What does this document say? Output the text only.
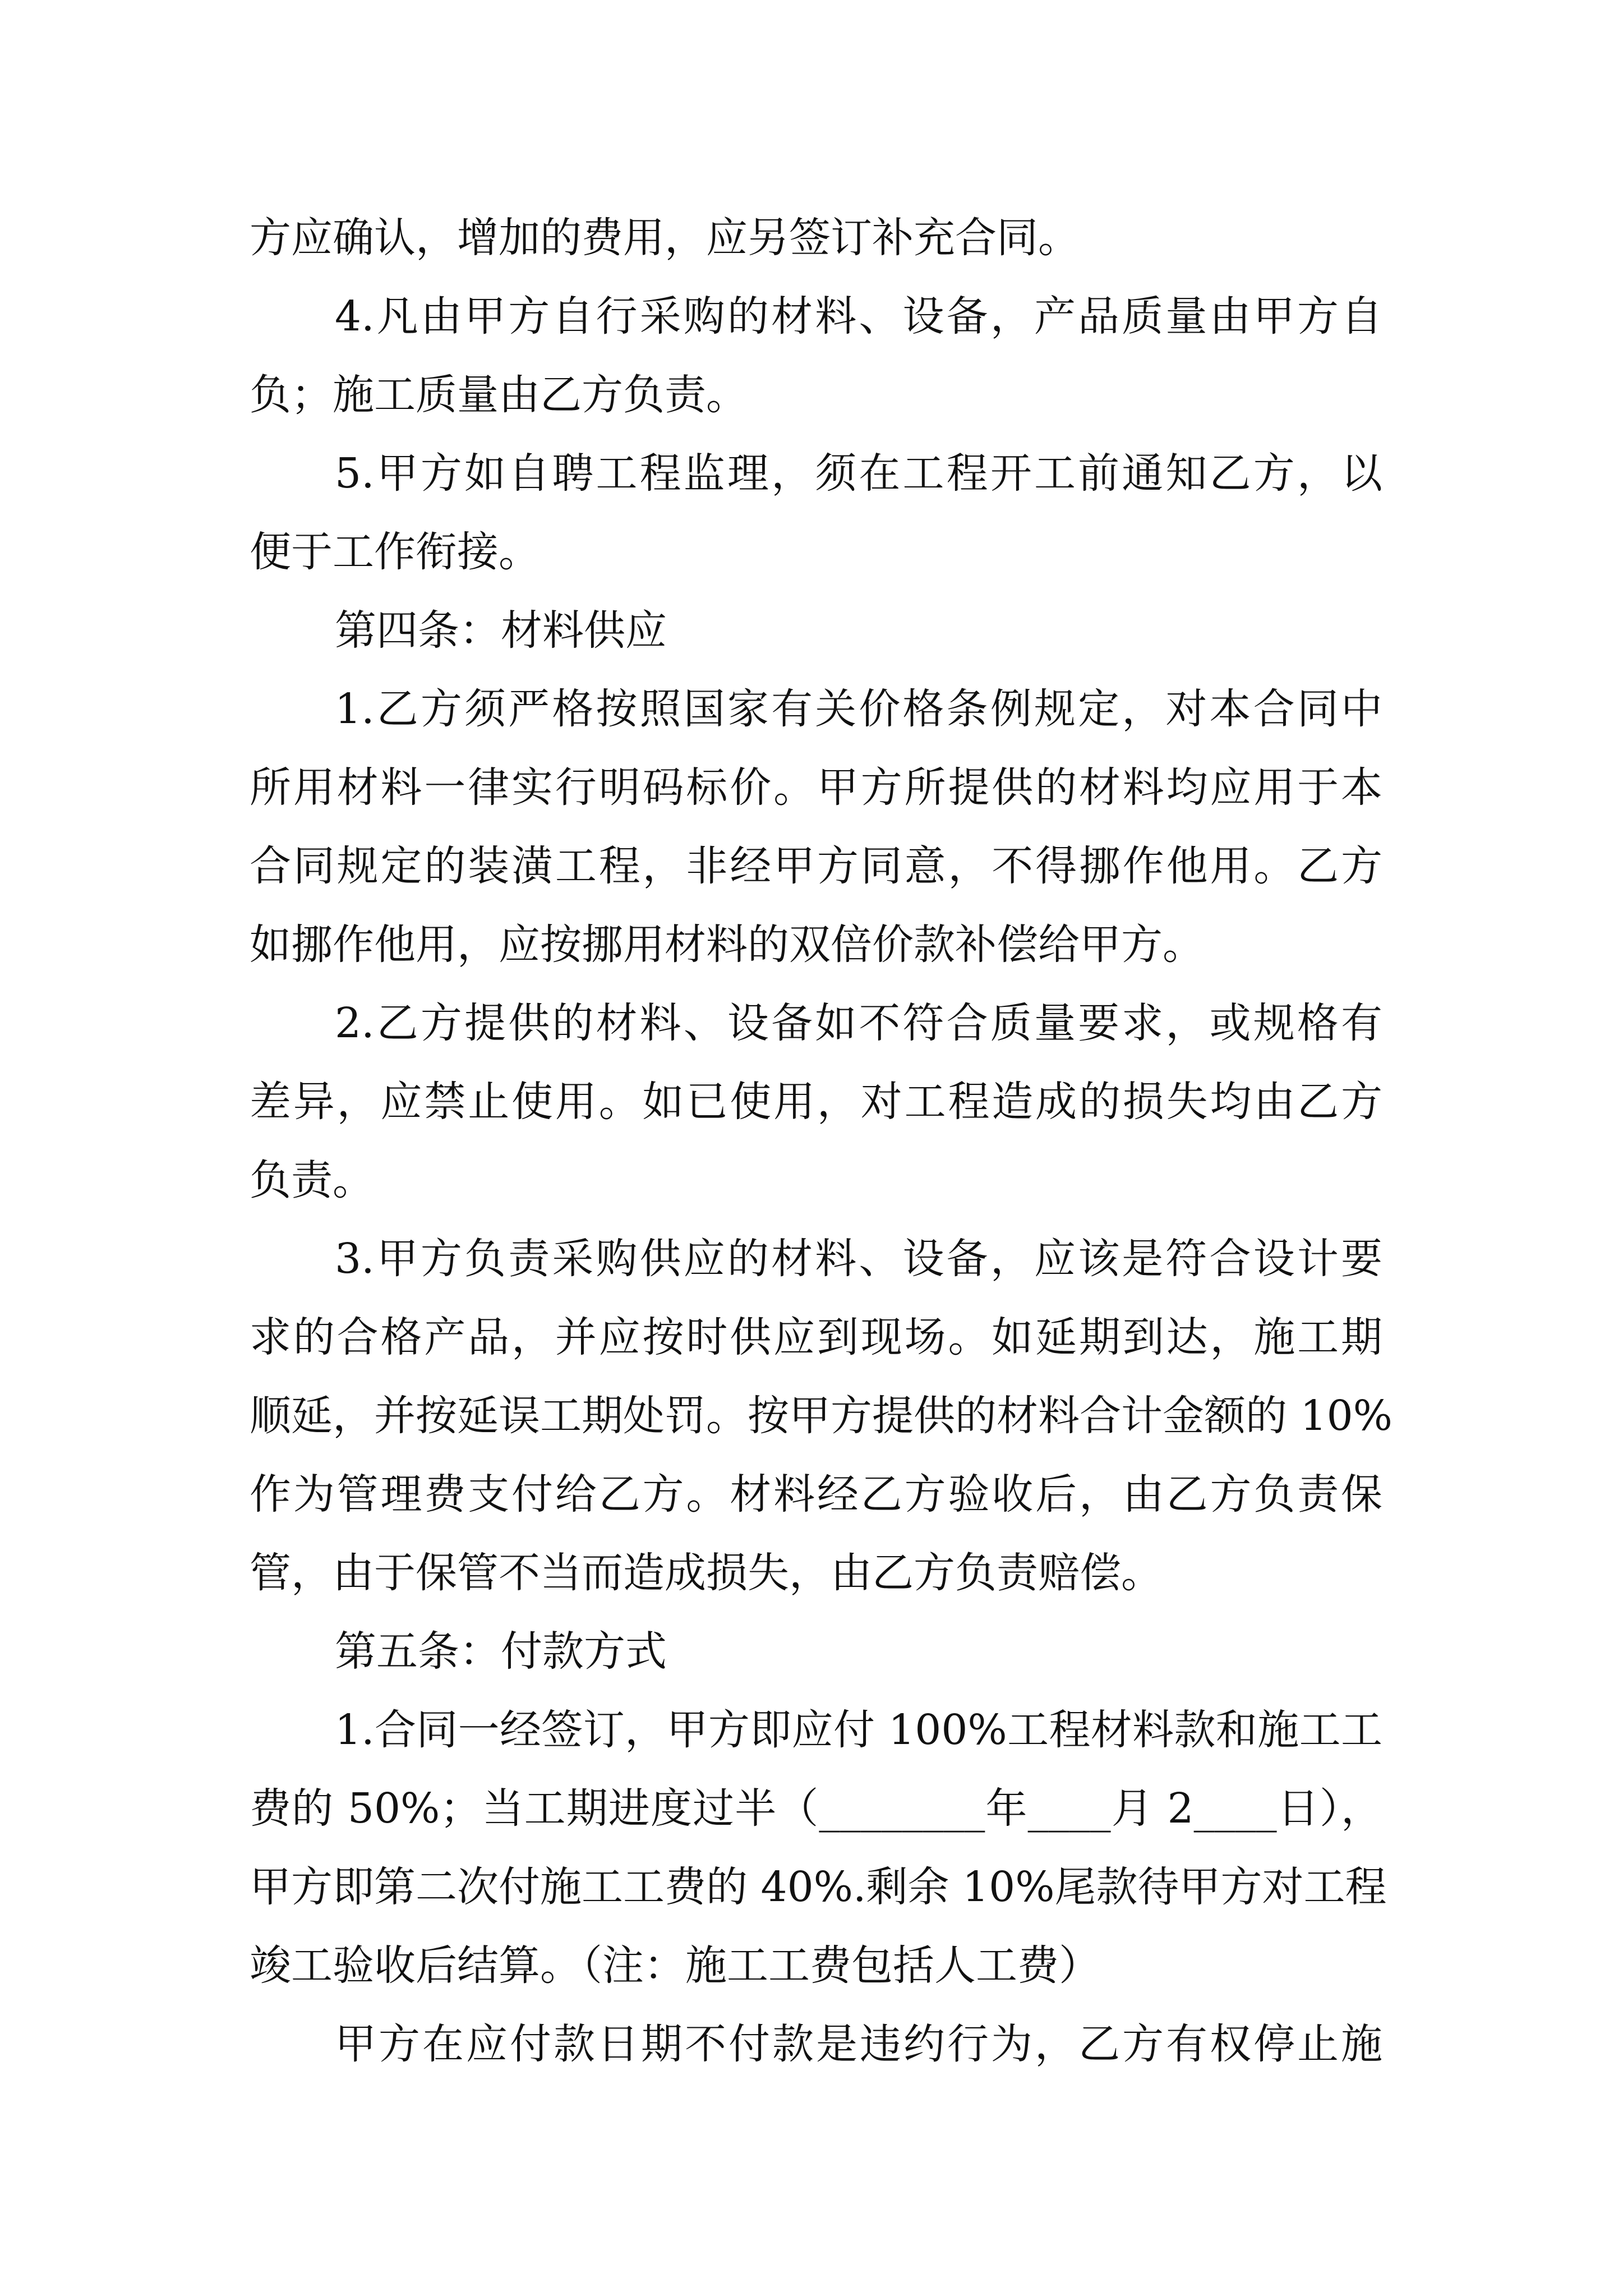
方应确认，增加的费用，应另签订补充合同。

4.凡由甲方自行采购的材料、设备，产品质量由甲方自

负；施工质量由乙方负责。

5.甲方如自聘工程监理，须在工程开工前通知乙方，以

便于工作衔接。

第四条：材料供应

1.乙方须严格按照国家有关价格条例规定，对本合同中

所用材料一律实行明码标价。甲方所提供的材料均应用于本

合同规定的装潢工程，非经甲方同意，不得挪作他用。乙方

如挪作他用，应按挪用材料的双倍价款补偿给甲方。

2.乙方提供的材料、设备如不符合质量要求，或规格有

差异，应禁止使用。如已使用，对工程造成的损失均由乙方

负责。

3.甲方负责采购供应的材料、设备，应该是符合设计要

求的合格产品，并应按时供应到现场。如延期到达，施工期

顺延，并按延误工期处罚。按甲方提供的材料合计金额的 10%

作为管理费支付给乙方。材料经乙方验收后，由乙方负责保

管，由于保管不当而造成损失，由乙方负责赔偿。

第五条：付款方式

1.合同一经签订，甲方即应付 100%工程材料款和施工工

费的 50%；当工期进度过半（________年____月 2____日），

甲方即第二次付施工工费的 40%.剩余 10%尾款待甲方对工程

竣工验收后结算。（注：施工工费包括人工费）

甲方在应付款日期不付款是违约行为，乙方有权停止施
